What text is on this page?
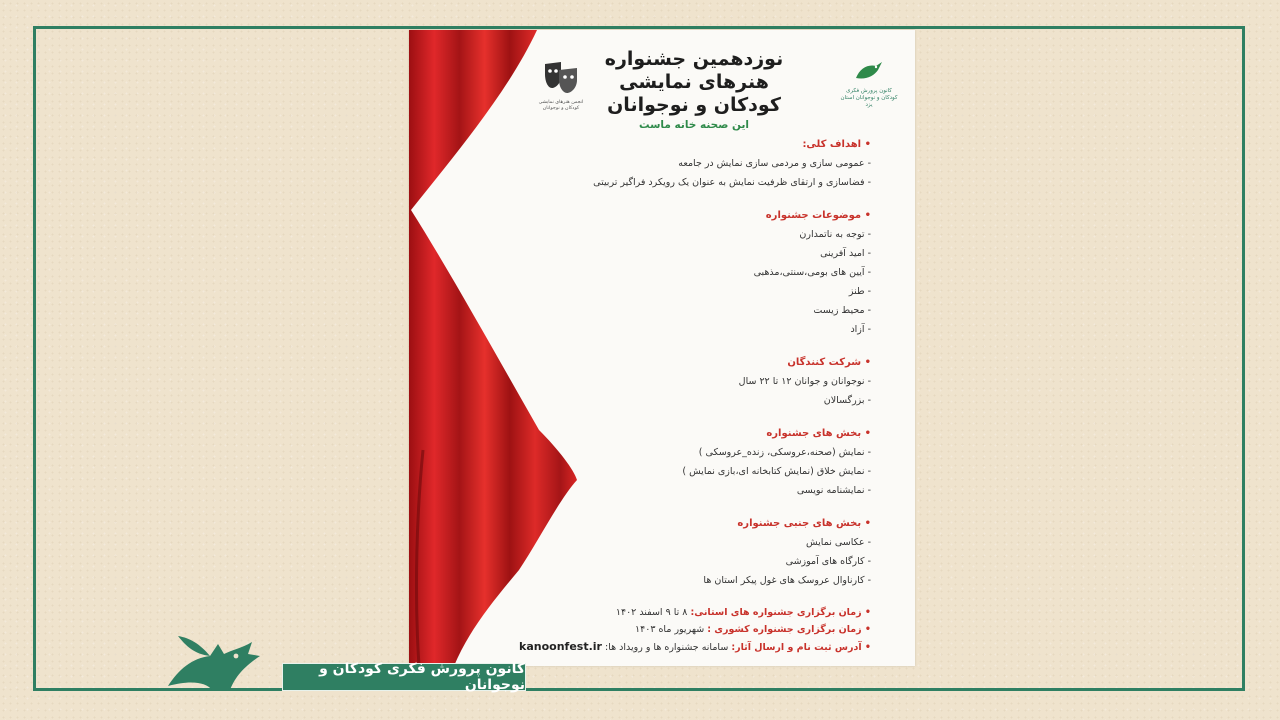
انجمن هنرهای نمایشی کودکان و نوجوانان
نوزدهمین جشنواره
هنرهای نمایشی
کودکان و نوجوانان
این صحنه خانه ماست
کانون پرورش فکری کودکان و نوجوانان استان یزد
• اهداف کلی:
- عمومی سازی و مردمی سازی نمایش در جامعه
- فضاسازی و ارتقای ظرفیت نمایش به عنوان یک رویکرد فراگیر تربیتی
• موضوعات جشنواره
- توجه به ناتمدارن
- امید آفرینی
- آیین های بومی،سنتی،مذهبی
- طنز
- محیط زیست
- آزاد
• شرکت کنندگان
- نوجوانان و جوانان ۱۲ تا ۲۲ سال
- بزرگسالان
• بخش های جشنواره
- نمایش (صحنه،عروسکی، زنده_عروسکی )
- نمایش خلاق (نمایش کتابخانه ای،بازی نمایش )
- نمایشنامه نویسی
• بخش های جنبی جشنواره
- عکاسی نمایش
- کارگاه های آموزشی
- کارناوال عروسک های غول پیکر استان ها
• زمان برگزاری جشنواره های استانی: ۸ تا ۹ اسفند ۱۴۰۲
• زمان برگزاری جشنواره کشوری : شهریور ماه ۱۴۰۳
• آدرس ثبت نام و ارسال آثار: سامانه جشنواره ها و رویداد ها: kanoonfest.ir
کانون پرورش فکری کودکان و نوجوانان
